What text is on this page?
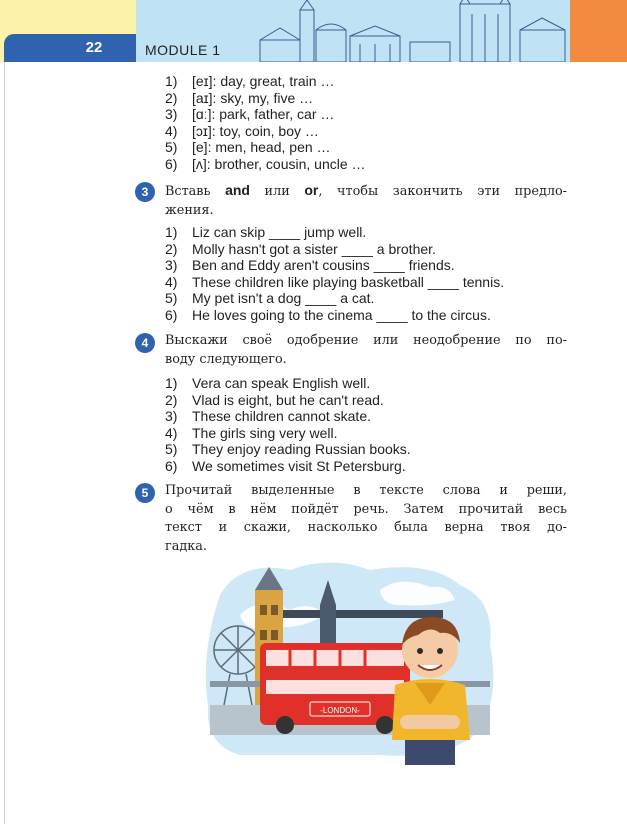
22	MODULE 1
1) [eɪ]: day, great, train …
2) [aɪ]: sky, my, five …
3) [ɑː]: park, father, car …
4) [ɔɪ]: toy, coin, boy …
5) [e]: men, head, pen …
6) [ʌ]: brother, cousin, uncle …
3	Вставь and или or, чтобы закончить эти предло-
жения.
1) Liz can skip ____ jump well.
2) Molly hasn't got a sister ____ a brother.
3) Ben and Eddy aren't cousins ____ friends.
4) These children like playing basketball ____ tennis.
5) My pet isn't a dog ____ a cat.
6) He loves going to the cinema ____ to the circus.
4	Выскажи своё одобрение или неодобрение по по-
воду следующего.
1) Vera can speak English well.
2) Vlad is eight, but he can't read.
3) These children cannot skate.
4) The girls sing very well.
5) They enjoy reading Russian books.
6) We sometimes visit St Petersburg.
5	Прочитай выделенные в тексте слова и реши,
о чём в нём пойдёт речь. Затем прочитай весь
текст и скажи, насколько была верна твоя до-
гадка.
-LONDON-
